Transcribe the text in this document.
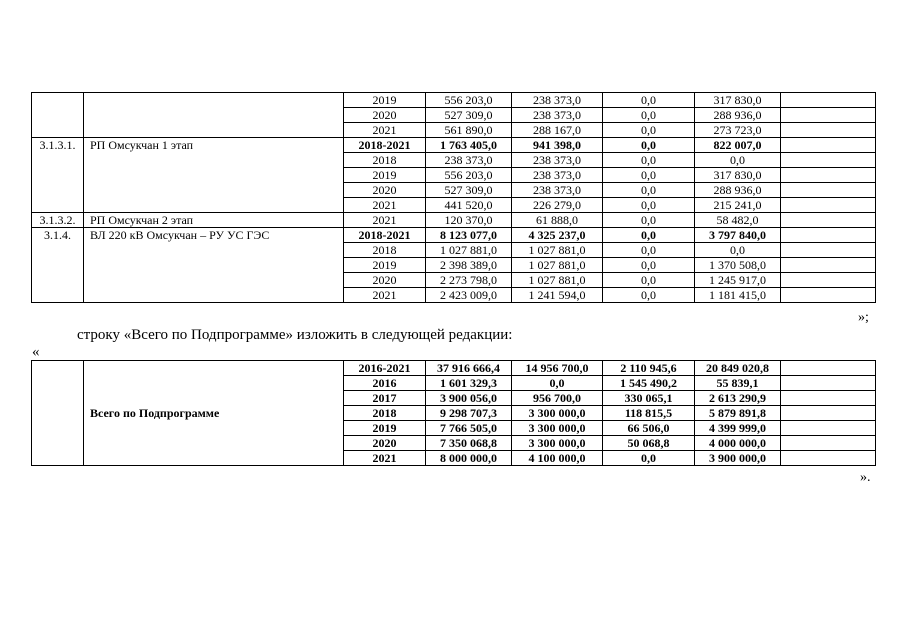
		2019	556 203,0	238 373,0	0,0	317 830,0	
		2020	527 309,0	238 373,0	0,0	288 936,0	
		2021	561 890,0	288 167,0	0,0	273 723,0	
3.1.3.1.	РП Омсукчан 1 этап	2018-2021	1 763 405,0	941 398,0	0,0	822 007,0	
		2018	238 373,0	238 373,0	0,0	0,0	
		2019	556 203,0	238 373,0	0,0	317 830,0	
		2020	527 309,0	238 373,0	0,0	288 936,0	
		2021	441 520,0	226 279,0	0,0	215 241,0	
3.1.3.2.	РП Омсукчан 2 этап	2021	120 370,0	61 888,0	0,0	58 482,0	
3.1.4.	ВЛ 220 кВ Омсукчан – РУ УС ГЭС	2018-2021	8 123 077,0	4 325 237,0	0,0	3 797 840,0	
		2018	1 027 881,0	1 027 881,0	0,0	0,0	
		2019	2 398 389,0	1 027 881,0	0,0	1 370 508,0	
		2020	2 273 798,0	1 027 881,0	0,0	1 245 917,0	
		2021	2 423 009,0	1 241 594,0	0,0	1 181 415,0	
»;
строку «Всего по Подпрограмме» изложить в следующей редакции:
«
	Всего по Подпрограмме	2016-2021	37 916 666,4	14 956 700,0	2 110 945,6	20 849 020,8	
		2016	1 601 329,3	0,0	1 545 490,2	55 839,1	
		2017	3 900 056,0	956 700,0	330 065,1	2 613 290,9	
		2018	9 298 707,3	3 300 000,0	118 815,5	5 879 891,8	
		2019	7 766 505,0	3 300 000,0	66 506,0	4 399 999,0	
		2020	7 350 068,8	3 300 000,0	50 068,8	4 000 000,0	
		2021	8 000 000,0	4 100 000,0	0,0	3 900 000,0	
».
